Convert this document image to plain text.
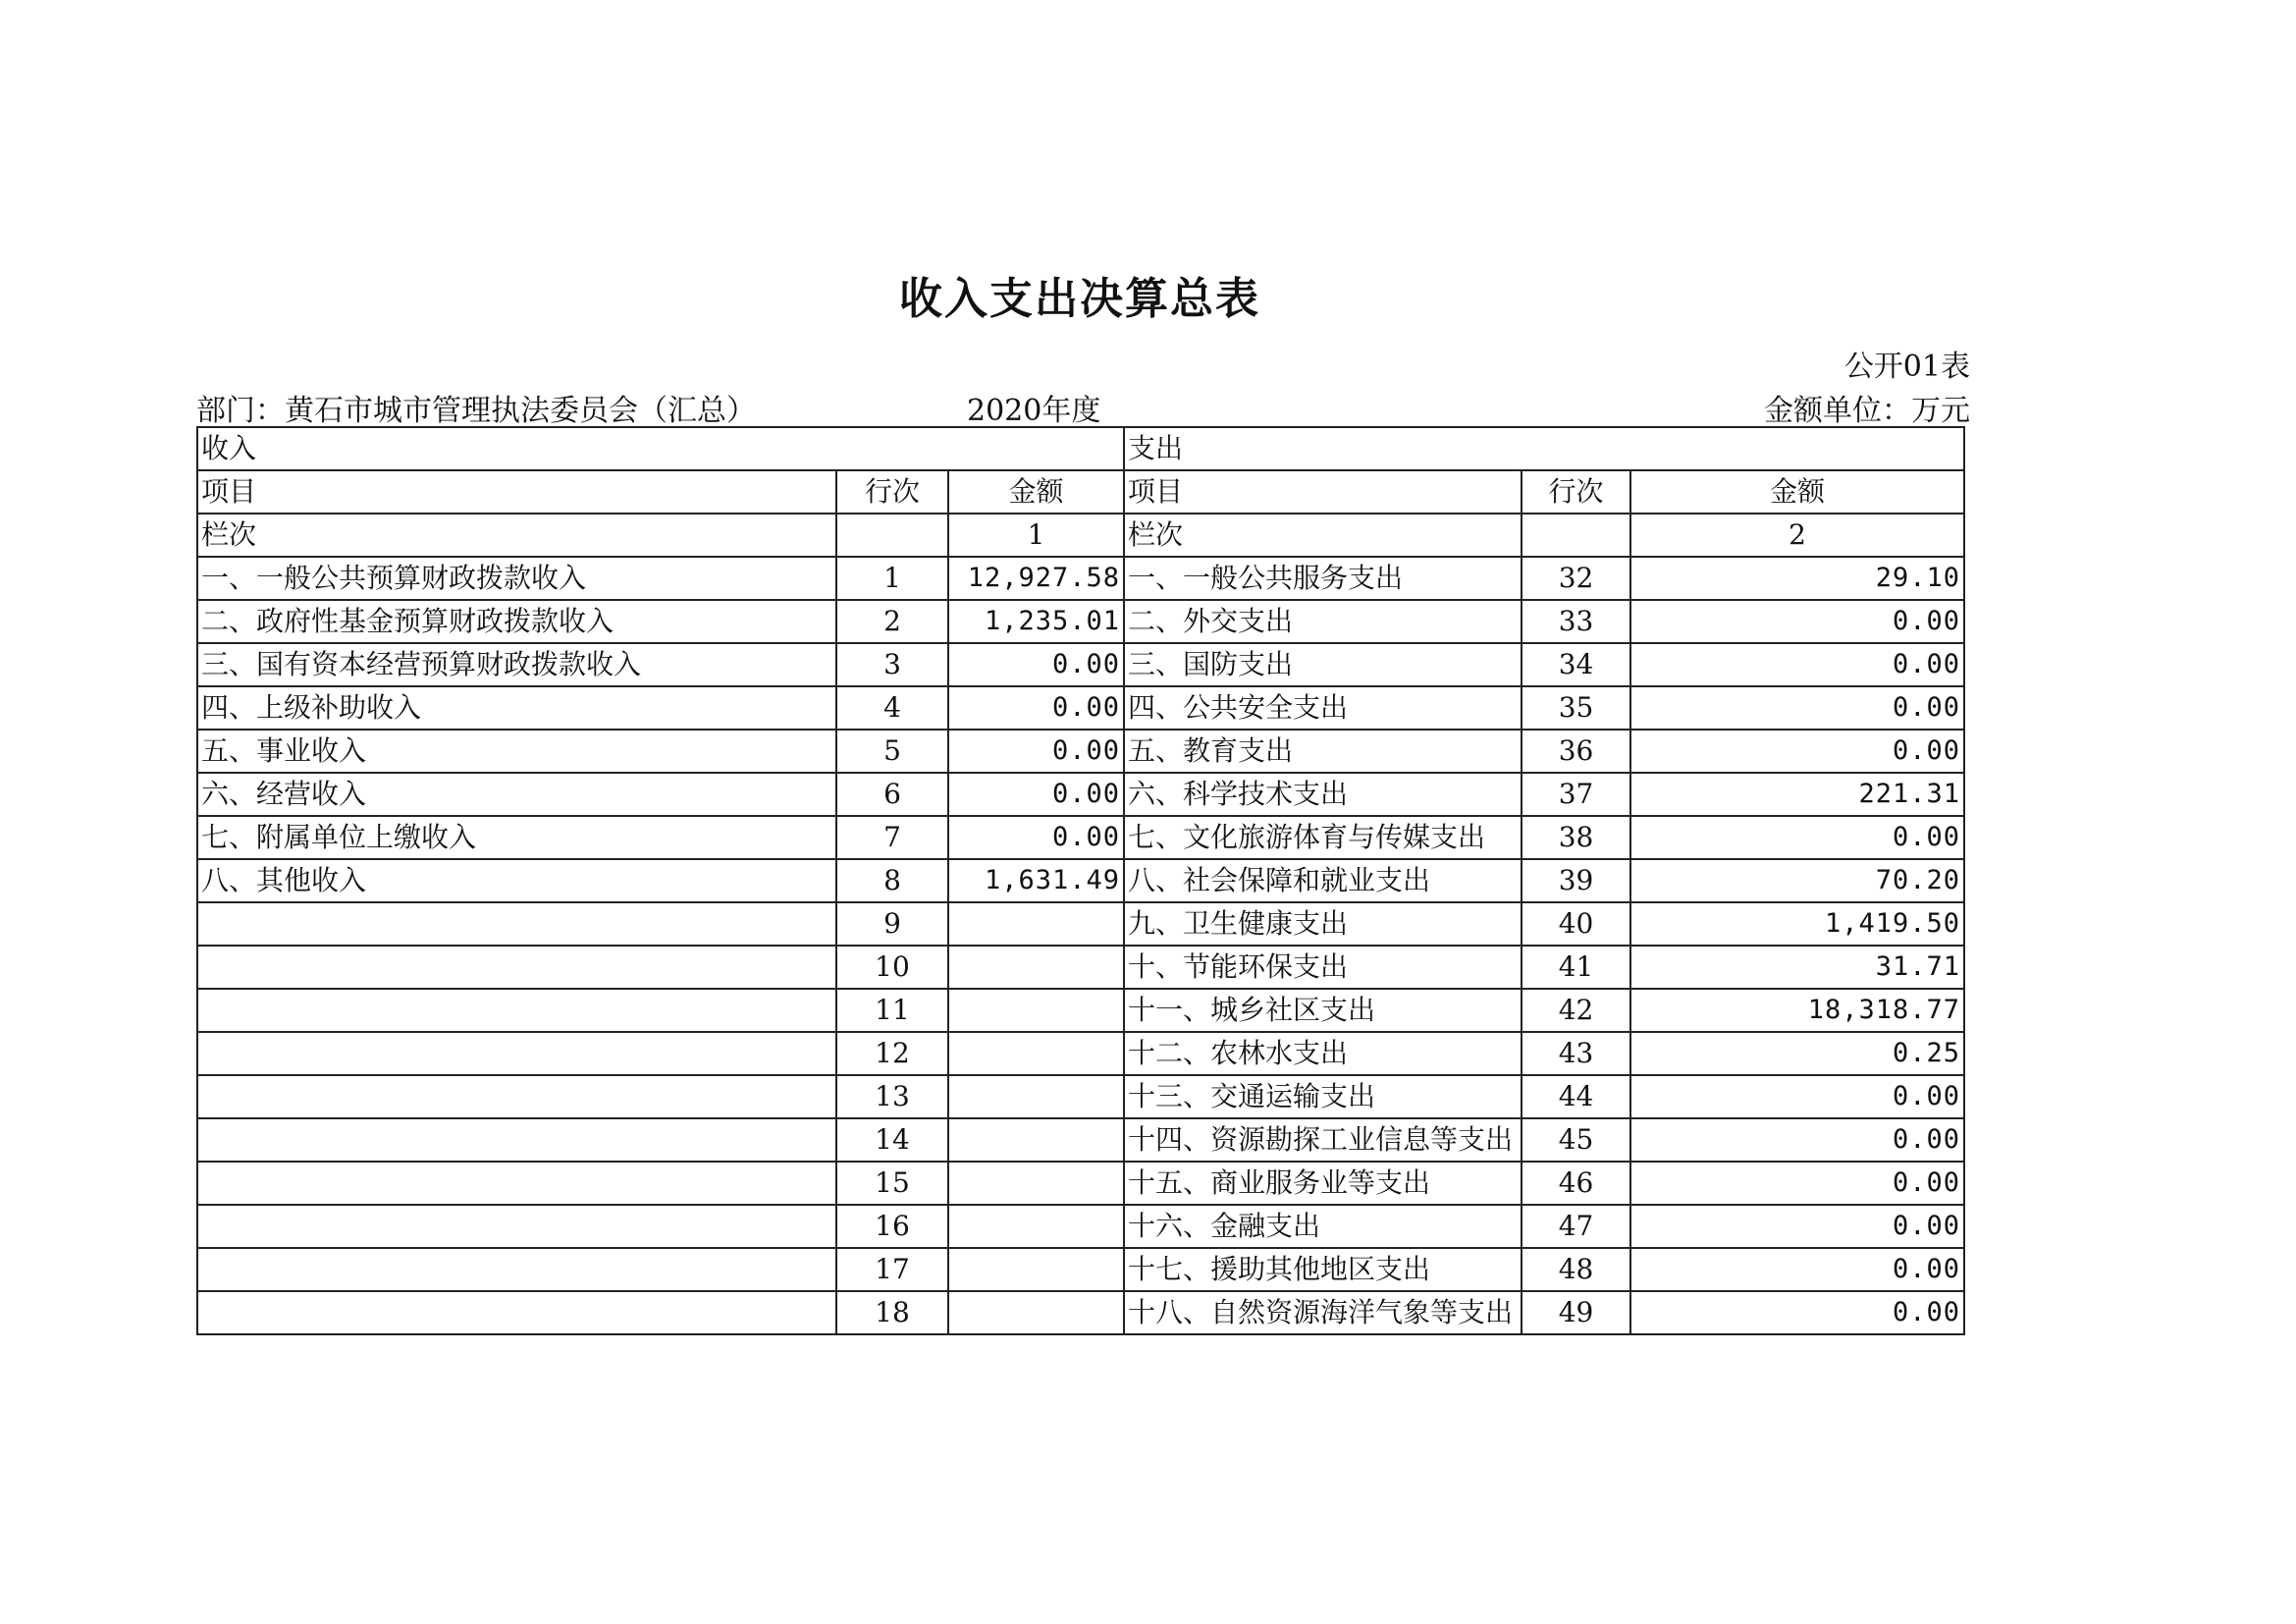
收入支出决算总表
公开01表
部门：黄石市城市管理执法委员会（汇总）	2020年度	金额单位：万元
收入			支出		
项目	行次	金额	项目	行次	金额
栏次		1	栏次		2
一、一般公共预算财政拨款收入	1	12,927.58	一、一般公共服务支出	32	29.10
二、政府性基金预算财政拨款收入	2	1,235.01	二、外交支出	33	0.00
三、国有资本经营预算财政拨款收入	3	0.00	三、国防支出	34	0.00
四、上级补助收入	4	0.00	四、公共安全支出	35	0.00
五、事业收入	5	0.00	五、教育支出	36	0.00
六、经营收入	6	0.00	六、科学技术支出	37	221.31
七、附属单位上缴收入	7	0.00	七、文化旅游体育与传媒支出	38	0.00
八、其他收入	8	1,631.49	八、社会保障和就业支出	39	70.20
	9		九、卫生健康支出	40	1,419.50
	10		十、节能环保支出	41	31.71
	11		十一、城乡社区支出	42	18,318.77
	12		十二、农林水支出	43	0.25
	13		十三、交通运输支出	44	0.00
	14		十四、资源勘探工业信息等支出	45	0.00
	15		十五、商业服务业等支出	46	0.00
	16		十六、金融支出	47	0.00
	17		十七、援助其他地区支出	48	0.00
	18		十八、自然资源海洋气象等支出	49	0.00
